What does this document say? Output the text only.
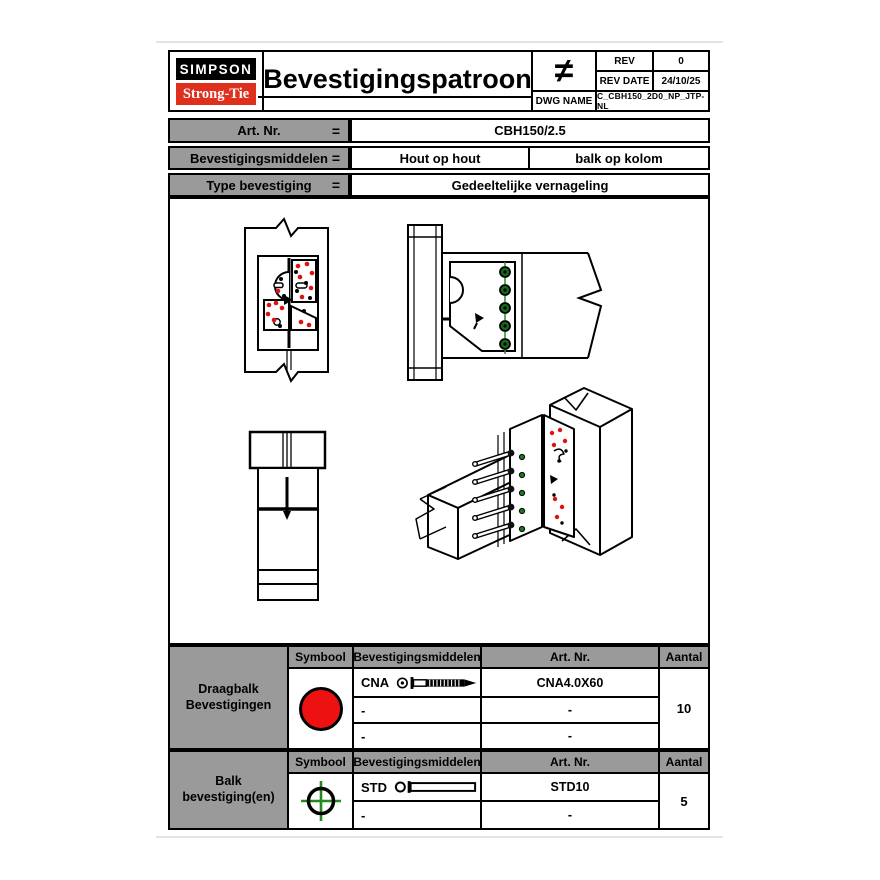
SIMPSON
Strong-Tie Bevestigingspatroon ≠	REV	0
REV DATE	24/10/25
DWG NAME C_CBH150_2D0_NP_JTP-NL
Art. Nr.	=	CBH150/2.5
Bevestigingsmiddelen =	Hout op hout	balk op kolom
Type bevestiging =	Gedeeltelijke vernageling
Draagbalk
Bevestigingen
Symbool Bevestigingsmiddelen	Art. Nr.	Aantal
CNA	CNA4.0X60
-	-
-	-
10
Balk
bevestiging(en)
Symbool Bevestigingsmiddelen	Art. Nr.	Aantal
STD	STD10
-	-
5
